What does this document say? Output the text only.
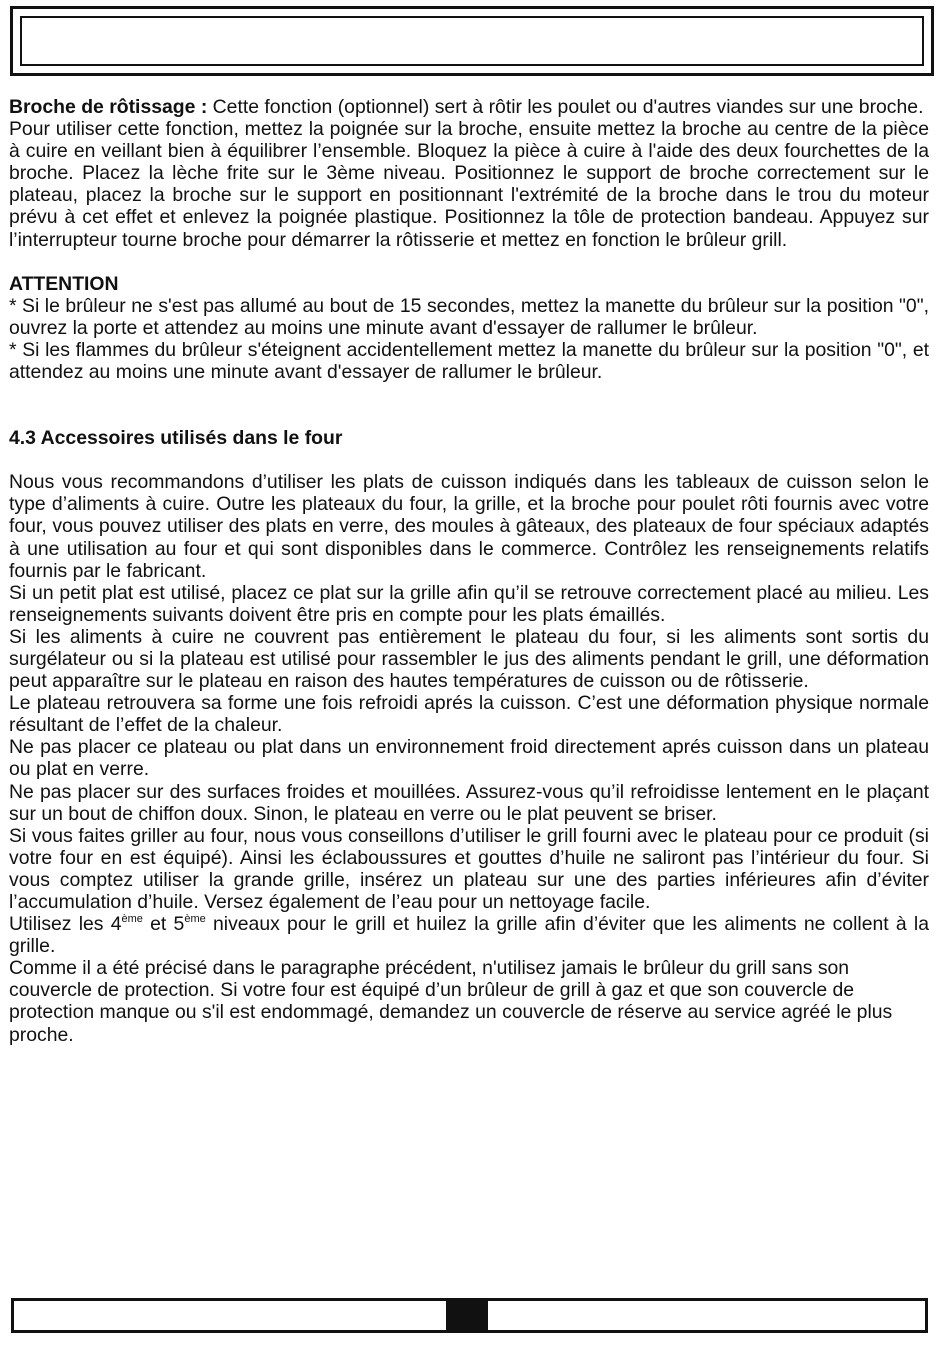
Broche de rôtissage : Cette fonction (optionnel) sert à rôtir les poulet ou d'autres viandes sur une broche.

Pour utiliser cette fonction, mettez la poignée sur la broche, ensuite mettez la broche au centre de la pièce à cuire en veillant bien à équilibrer l’ensemble. Bloquez la pièce à cuire à l'aide des deux fourchettes de la broche. Placez la lèche frite sur le 3ème niveau. Positionnez le support de broche correctement sur le plateau, placez la broche sur le support en positionnant l'extrémité de la broche dans le trou du moteur prévu à cet effet et enlevez la poignée plastique. Positionnez la tôle de protection bandeau. Appuyez sur l’interrupteur tourne broche pour démarrer la rôtisserie et mettez en fonction le brûleur grill.

ATTENTION

* Si le brûleur ne s'est pas allumé au bout de 15 secondes, mettez la manette du brûleur sur la position "0", ouvrez la porte et attendez au moins une minute avant d'essayer de rallumer le brûleur.

* Si les flammes du brûleur s'éteignent accidentellement mettez la manette du brûleur sur la position "0", et attendez au moins une minute avant d'essayer de rallumer le brûleur.

4.3 Accessoires utilisés dans le four

Nous vous recommandons d’utiliser les plats de cuisson indiqués dans les tableaux de cuisson selon le type d’aliments à cuire. Outre les plateaux du four, la grille, et la broche pour poulet rôti fournis avec votre four, vous pouvez utiliser des plats en verre, des moules à gâteaux, des plateaux de four spéciaux adaptés à une utilisation au four et qui sont disponibles dans le commerce. Contrôlez les renseignements relatifs fournis par le fabricant.

Si un petit plat est utilisé, placez ce plat sur la grille afin qu’il se retrouve correctement placé au milieu. Les renseignements suivants doivent être pris en compte pour les plats émaillés.

Si les aliments à cuire ne couvrent pas entièrement le plateau du four, si les aliments sont sortis du surgélateur ou si la plateau est utilisé pour rassembler le jus des aliments pendant le grill, une déformation peut apparaître sur le plateau en raison des hautes températures de cuisson ou de rôtisserie.

Le plateau retrouvera sa forme une fois refroidi aprés la cuisson. C’est une déformation physique normale résultant de l’effet de la chaleur.

Ne pas placer ce plateau ou plat dans un environnement froid directement aprés cuisson dans un plateau ou plat en verre.

Ne pas placer sur des surfaces froides et mouillées. Assurez-vous qu’il refroidisse lentement en le plaçant sur un bout de chiffon doux. Sinon, le plateau en verre ou le plat peuvent se briser.

Si vous faites griller au four, nous vous conseillons d’utiliser le grill fourni avec le plateau pour ce produit (si votre four en est équipé). Ainsi les éclaboussures et gouttes d’huile ne saliront pas l’intérieur du four. Si vous comptez utiliser la grande grille, insérez un plateau sur une des parties inférieures afin d’éviter l’accumulation d’huile. Versez également de l’eau pour un nettoyage facile.

Utilisez les 4ème et 5ème niveaux pour le grill et huilez la grille afin d’éviter que les aliments ne collent à la grille.

Comme il a été précisé dans le paragraphe précédent, n'utilisez jamais le brûleur du grill sans son couvercle de protection. Si votre four est équipé d’un brûleur de grill à gaz et que son couvercle de protection manque ou s'il est endommagé, demandez un couvercle de réserve au service agréé le plus proche.
